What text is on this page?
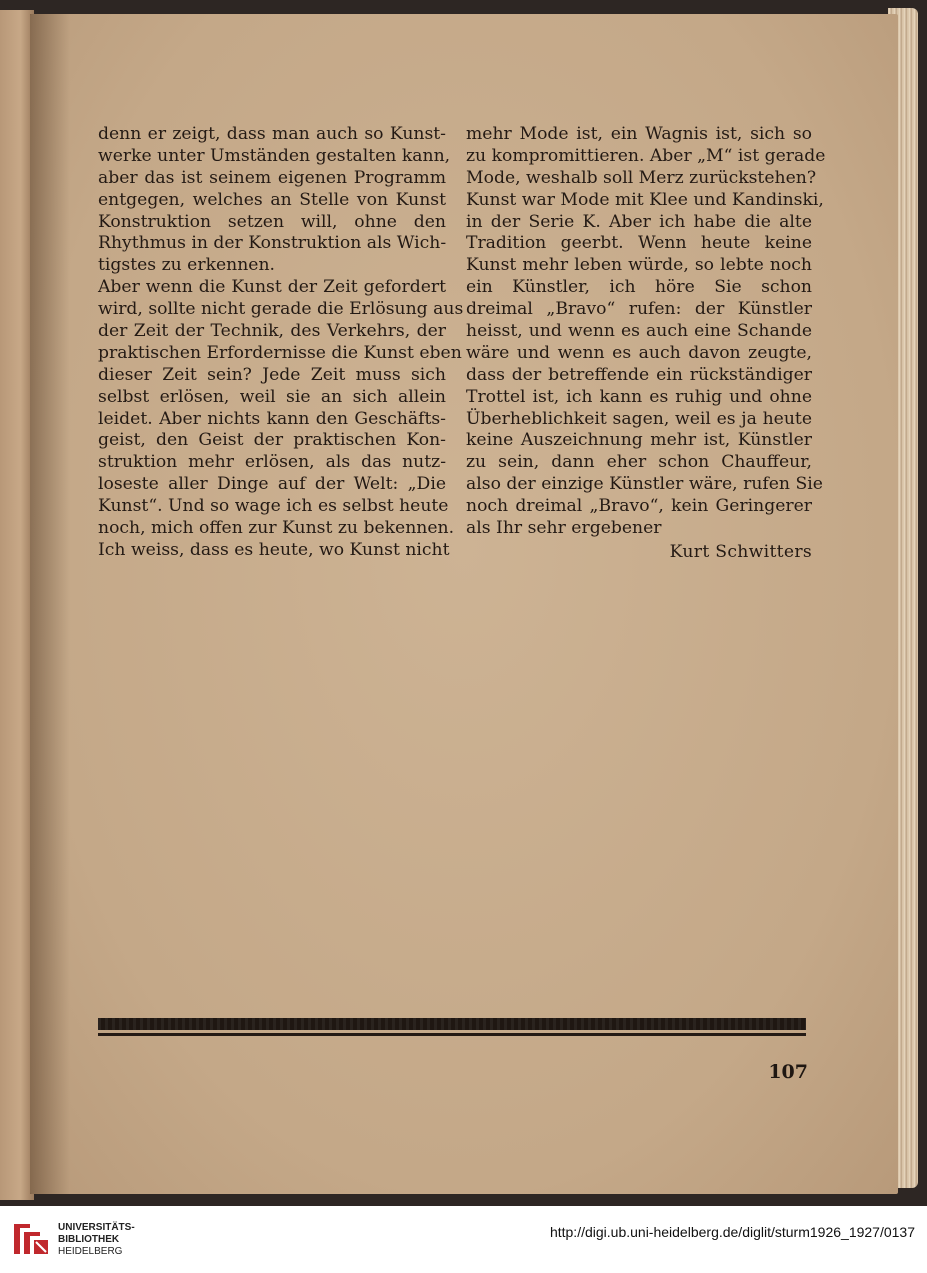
denn er zeigt, dass man auch so Kunst-
werke unter Umständen gestalten kann,
aber das ist seinem eigenen Programm
entgegen, welches an Stelle von Kunst
Konstruktion setzen will, ohne den
Rhythmus in der Konstruktion als Wich-
tigstes zu erkennen.
Aber wenn die Kunst der Zeit gefordert
wird, sollte nicht gerade die Erlösung aus
der Zeit der Technik, des Verkehrs, der
praktischen Erfordernisse die Kunst eben
dieser Zeit sein? Jede Zeit muss sich
selbst erlösen, weil sie an sich allein
leidet. Aber nichts kann den Geschäfts-
geist, den Geist der praktischen Kon-
struktion mehr erlösen, als das nutz-
loseste aller Dinge auf der Welt: „Die
Kunst“. Und so wage ich es selbst heute
noch, mich offen zur Kunst zu bekennen.
Ich weiss, dass es heute, wo Kunst nicht
mehr Mode ist, ein Wagnis ist, sich so
zu kompromittieren. Aber „M“ ist gerade
Mode, weshalb soll Merz zurückstehen?
Kunst war Mode mit Klee und Kandinski,
in der Serie K. Aber ich habe die alte
Tradition geerbt. Wenn heute keine
Kunst mehr leben würde, so lebte noch
ein Künstler, ich höre Sie schon
dreimal „Bravo“ rufen: der Künstler
heisst, und wenn es auch eine Schande
wäre und wenn es auch davon zeugte,
dass der betreffende ein rückständiger
Trottel ist, ich kann es ruhig und ohne
Überheblichkeit sagen, weil es ja heute
keine Auszeichnung mehr ist, Künstler
zu sein, dann eher schon Chauffeur,
also der einzige Künstler wäre, rufen Sie
noch dreimal „Bravo“, kein Geringerer
als Ihr sehr ergebener
Kurt Schwitters
107
UNIVERSITÄTS-
BIBLIOTHEK
HEIDELBERG
http://digi.ub.uni-heidelberg.de/diglit/sturm1926_1927/0137
